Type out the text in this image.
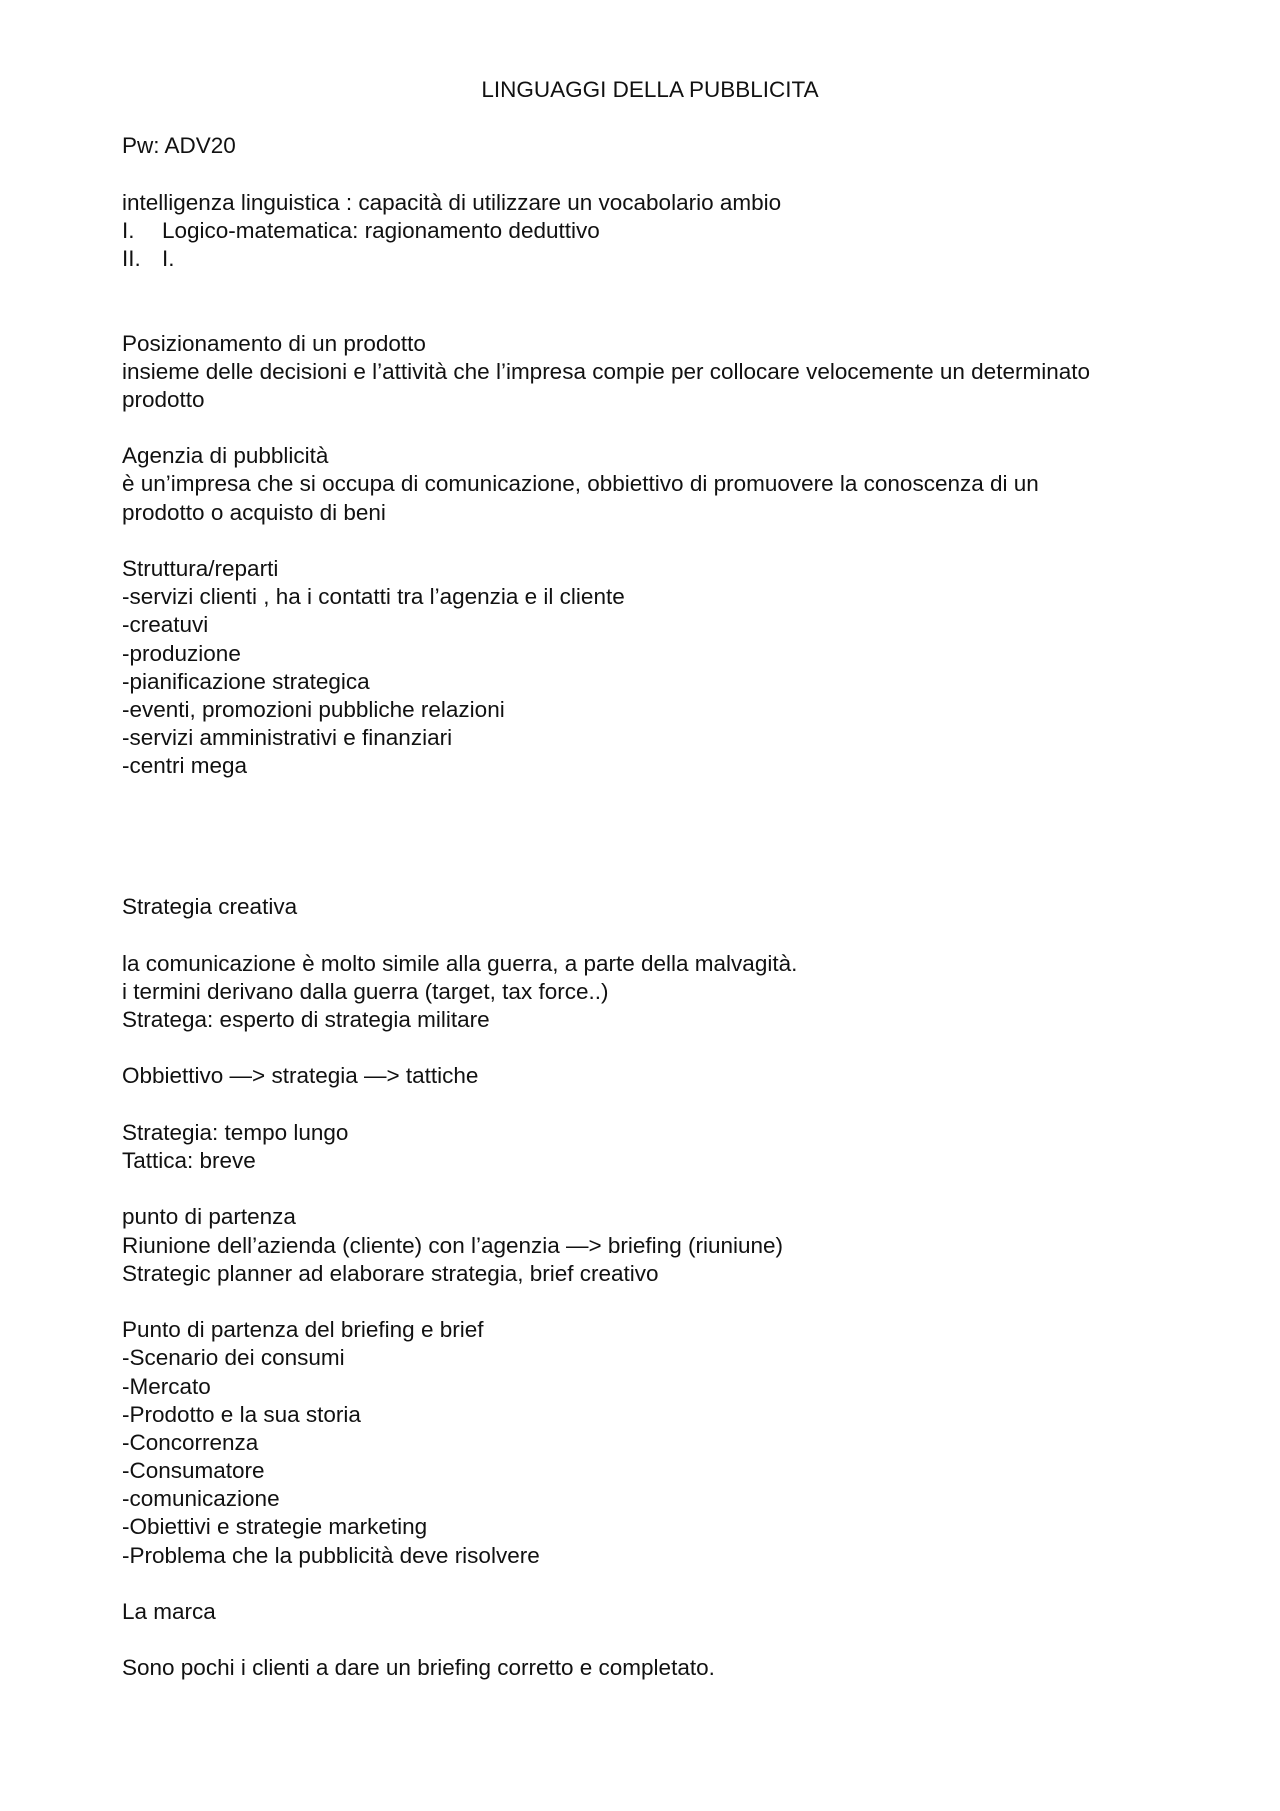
LINGUAGGI DELLA PUBBLICITA
Pw: ADV20
intelligenza linguistica : capacità di utilizzare un vocabolario ambio
I.	Logico-matematica: ragionamento deduttivo
II. I.
Posizionamento di un prodotto
insieme delle decisioni e l’attività che l’impresa compie per collocare velocemente un determinato
prodotto
Agenzia di pubblicità
è un’impresa che si occupa di comunicazione, obbiettivo di promuovere la conoscenza di un
prodotto o acquisto di beni
Struttura/reparti
-servizi clienti , ha i contatti tra l’agenzia e il cliente
-creatuvi
-produzione
-pianificazione strategica
-eventi, promozioni pubbliche relazioni
-servizi amministrativi e finanziari
-centri mega
Strategia creativa
la comunicazione è molto simile alla guerra, a parte della malvagità.
i termini derivano dalla guerra (target, tax force..)
Stratega: esperto di strategia militare
Obbiettivo —> strategia —> tattiche
Strategia: tempo lungo
Tattica: breve
punto di partenza
Riunione dell’azienda (cliente) con l’agenzia —> briefing (riuniune)
Strategic planner ad elaborare strategia, brief creativo
Punto di partenza del briefing e brief
-Scenario dei consumi
-Mercato
-Prodotto e la sua storia
-Concorrenza
-Consumatore
-comunicazione
-Obiettivi e strategie marketing
-Problema che la pubblicità deve risolvere
La marca
Sono pochi i clienti a dare un briefing corretto e completato.
